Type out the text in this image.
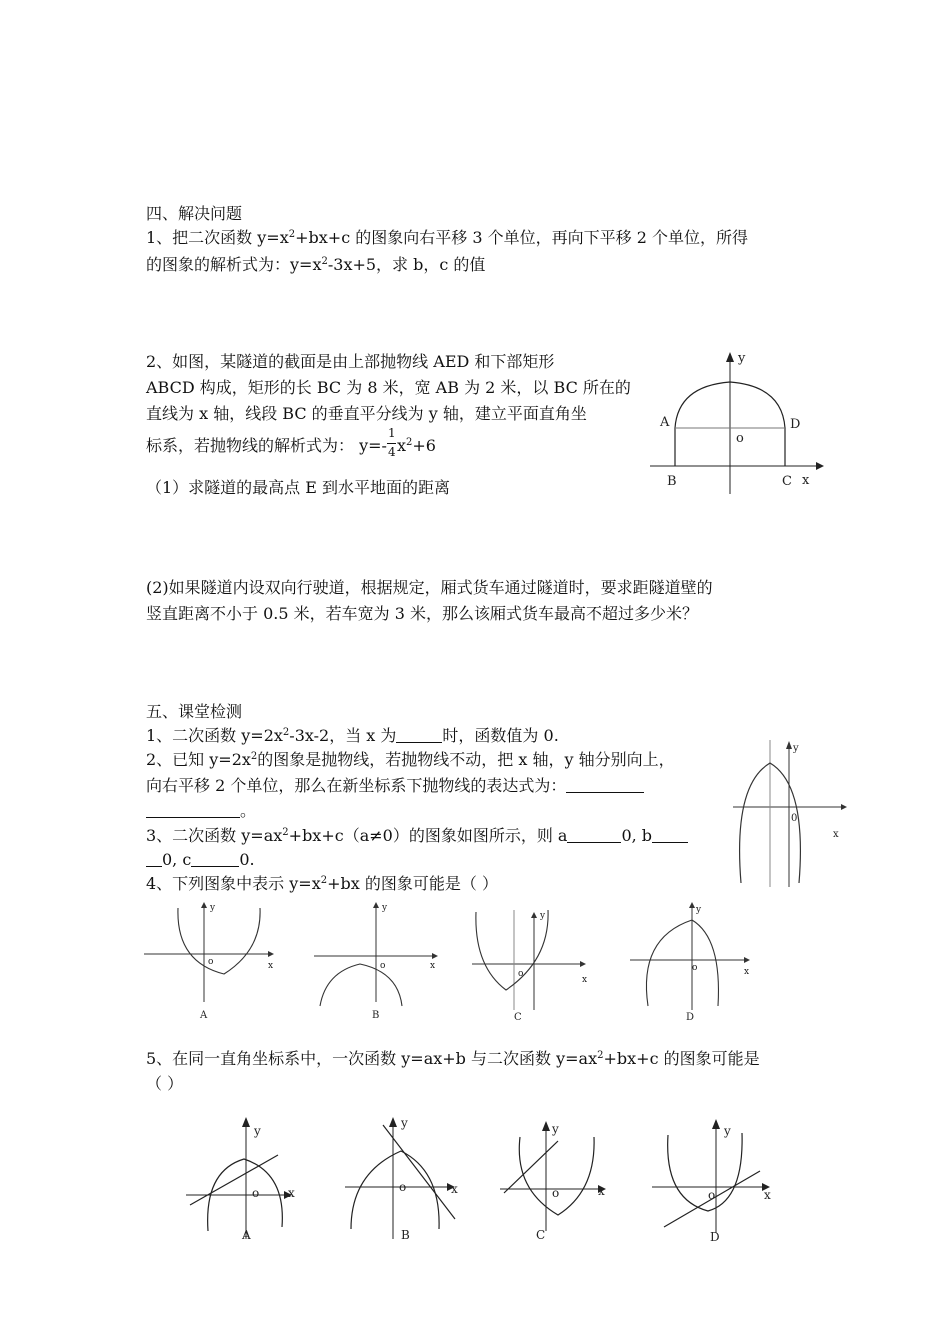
四、解决问题
1、把二次函数 $y=x^2+bx+c$ 的图象向右平移 3 个单位，再向下平移 2 个单位，所得
的图象的解析式为：$y=x^2-3x+5$，求 b，c 的值
2、如图，某隧道的截面是由上部抛物线 AED 和下部矩形
ABCD 构成，矩形的长 BC 为 8 米，宽 AB 为 2 米，以 BC 所在的
直线为 x 轴，线段 BC 的垂直平分线为 y 轴，建立平面直角坐
标系，若抛物线的解析式为： $y=- \frac{1}{4} x^2+6$
（1）求隧道的最高点 E 到水平地面的距离
(2)如果隧道内设双向行驶道，根据规定，厢式货车通过隧道时，要求距隧道壁的
竖直距离不小于 0.5 米，若车宽为 3 米，那么该厢式货车最高不超过多少米？
y
A	D
o
B	C x
五、课堂检测
1、二次函数 $y=2x^2-3x-2$，当 x 为	时，函数值为 0.
2、已知 $y=2x^2$的图象是抛物线，若抛物线不动，把 x 轴，y 轴分别向上，
向右平移 2 个单位，那么在新坐标系下抛物线的表达式为：
。
3、二次函数 $y=ax^2+bx+c(a\ne 0)$的图象如图所示，则 a	0, b
0, c	0.
4、下列图象中表示 $y=x^2+bx$ 的图象可能是（ ）
y
0
x
y
o	x
A
y
o	x
B
y
o
x
C
y
o	x
D
5、在同一直角坐标系中，一次函数 y=ax+b 与二次函数 $y=ax^2+bx+c$ 的图象可能是
（ ）
y
o x
A
y
o	x
B
y
o	x
C
y
o	x
D
